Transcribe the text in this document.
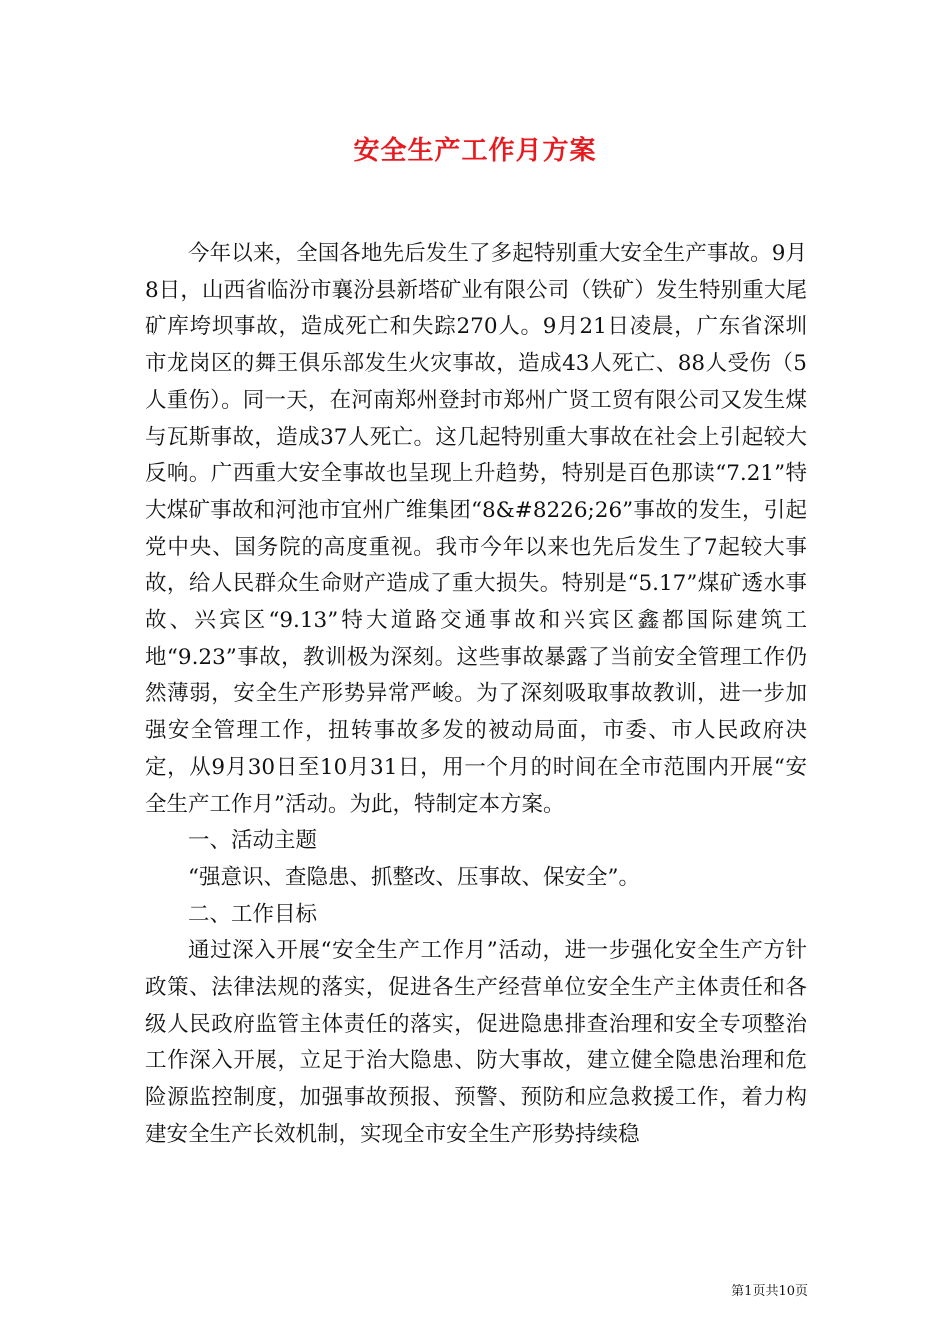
安全生产工作月方案

今年以来，全国各地先后发生了多起特别重大安全生产事故。9月8日，山西省临汾市襄汾县新塔矿业有限公司（铁矿）发生特别重大尾矿库垮坝事故，造成死亡和失踪270人。9月21日凌晨，广东省深圳市龙岗区的舞王俱乐部发生火灾事故，造成43人死亡、88人受伤（5人重伤）。同一天，在河南郑州登封市郑州广贤工贸有限公司又发生煤与瓦斯事故，造成37人死亡。这几起特别重大事故在社会上引起较大反响。广西重大安全事故也呈现上升趋势，特别是百色那读“7.21”特大煤矿事故和河池市宜州广维集团“8&#8226;26”事故的发生，引起党中央、国务院的高度重视。我市今年以来也先后发生了7起较大事故，给人民群众生命财产造成了重大损失。特别是“5.17”煤矿透水事故、兴宾区“9.13”特大道路交通事故和兴宾区鑫都国际建筑工地“9.23”事故，教训极为深刻。这些事故暴露了当前安全管理工作仍然薄弱，安全生产形势异常严峻。为了深刻吸取事故教训，进一步加强安全管理工作，扭转事故多发的被动局面，市委、市人民政府决定，从9月30日至10月31日，用一个月的时间在全市范围内开展“安全生产工作月”活动。为此，特制定本方案。

一、活动主题

“强意识、查隐患、抓整改、压事故、保安全”。

二、工作目标

通过深入开展“安全生产工作月”活动，进一步强化安全生产方针政策、法律法规的落实，促进各生产经营单位安全生产主体责任和各级人民政府监管主体责任的落实，促进隐患排查治理和安全专项整治工作深入开展，立足于治大隐患、防大事故，建立健全隐患治理和危险源监控制度，加强事故预报、预警、预防和应急救援工作，着力构建安全生产长效机制，实现全市安全生产形势持续稳

第1页共10页
